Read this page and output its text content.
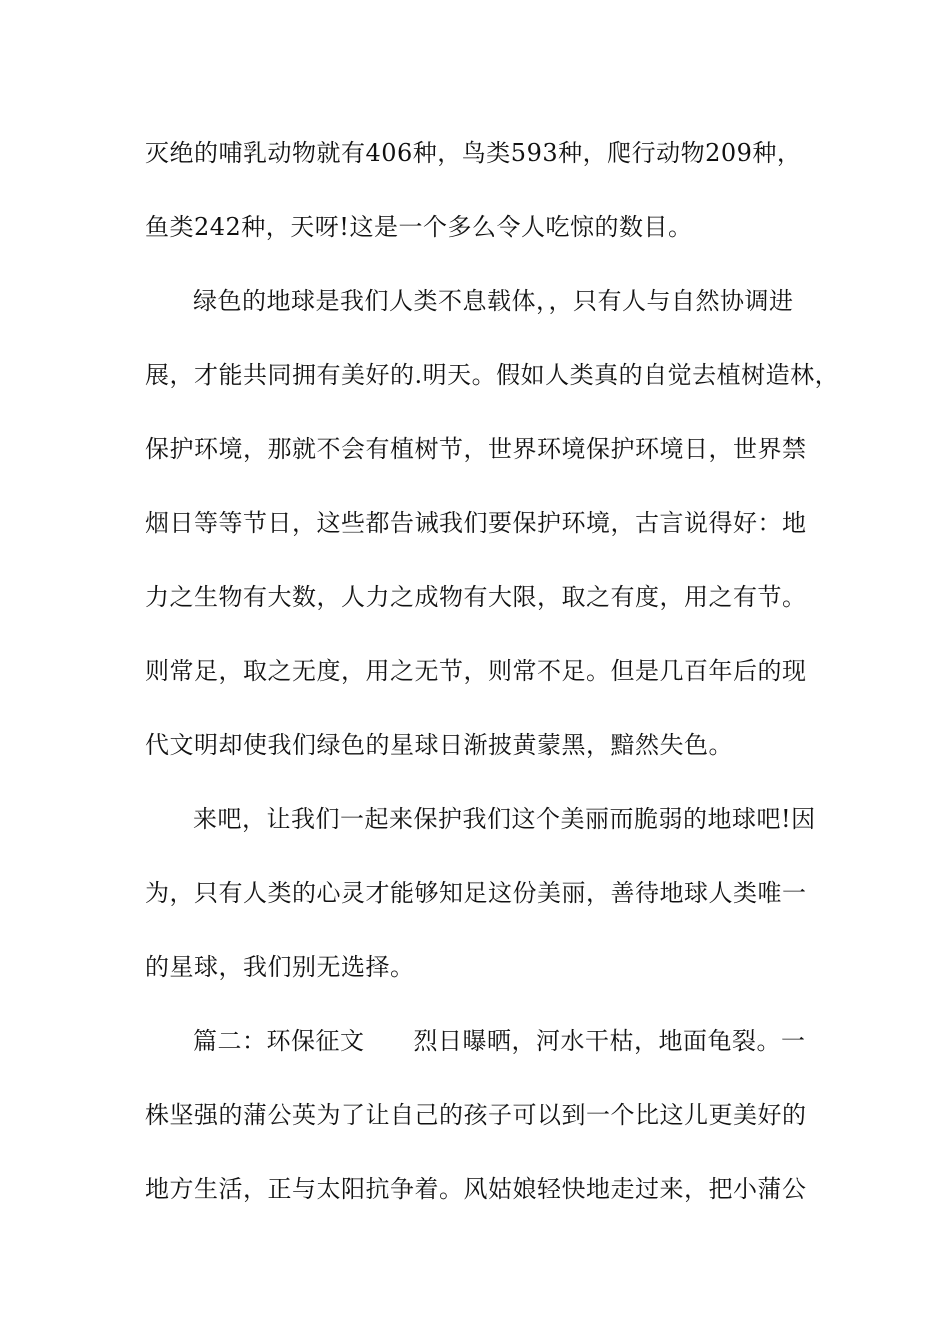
灭绝的哺乳动物就有406种，鸟类593种，爬行动物209种，
鱼类242种，天呀!这是一个多么令人吃惊的数目。
绿色的地球是我们人类不息载体，，只有人与自然协调进
展，才能共同拥有美好的.明天。假如人类真的自觉去植树造林，
保护环境，那就不会有植树节，世界环境保护环境日，世界禁
烟日等等节日，这些都告诫我们要保护环境，古言说得好：地
力之生物有大数，人力之成物有大限，取之有度，用之有节。
则常足，取之无度，用之无节，则常不足。但是几百年后的现
代文明却使我们绿色的星球日渐披黄蒙黑，黯然失色。
来吧，让我们一起来保护我们这个美丽而脆弱的地球吧!因
为，只有人类的心灵才能够知足这份美丽，善待地球人类唯一
的星球，我们别无选择。
篇二：环保征文　　烈日曝晒，河水干枯，地面龟裂。一
株坚强的蒲公英为了让自己的孩子可以到一个比这儿更美好的
地方生活，正与太阳抗争着。风姑娘轻快地走过来，把小蒲公
